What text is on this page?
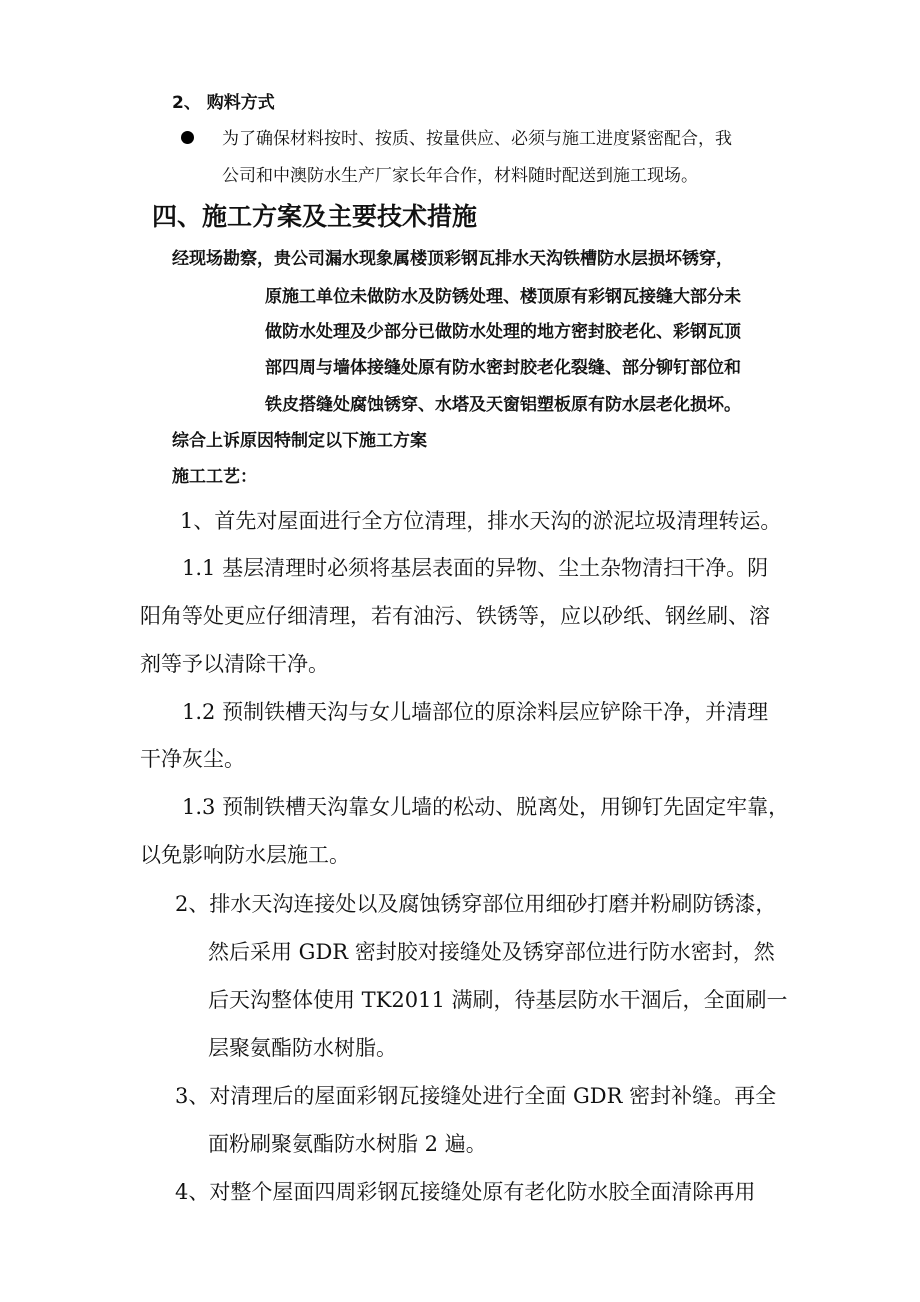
2、 购料方式

为了确保材料按时、按质、按量供应、必须与施工进度紧密配合，我

公司和中澳防水生产厂家长年合作，材料随时配送到施工现场。

四、施工方案及主要技术措施

经现场勘察，贵公司漏水现象属楼顶彩钢瓦排水天沟铁槽防水层损坏锈穿，

原施工单位未做防水及防锈处理、楼顶原有彩钢瓦接缝大部分未

做防水处理及少部分已做防水处理的地方密封胶老化、彩钢瓦顶

部四周与墙体接缝处原有防水密封胶老化裂缝、部分铆钉部位和

铁皮搭缝处腐蚀锈穿、水塔及天窗铝塑板原有防水层老化损坏。

综合上诉原因特制定以下施工方案

施工工艺：

1、首先对屋面进行全方位清理，排水天沟的淤泥垃圾清理转运。

1.1 基层清理时必须将基层表面的异物、尘土杂物清扫干净。阴

阳角等处更应仔细清理，若有油污、铁锈等，应以砂纸、钢丝刷、溶

剂等予以清除干净。

1.2 预制铁槽天沟与女儿墙部位的原涂料层应铲除干净，并清理

干净灰尘。

1.3 预制铁槽天沟靠女儿墙的松动、脱离处，用铆钉先固定牢靠，

以免影响防水层施工。

2、排水天沟连接处以及腐蚀锈穿部位用细砂打磨并粉刷防锈漆，

然后采用 GDR 密封胶对接缝处及锈穿部位进行防水密封，然

后天沟整体使用 TK2011 满刷，待基层防水干涸后，全面刷一

层聚氨酯防水树脂。

3、对清理后的屋面彩钢瓦接缝处进行全面 GDR 密封补缝。再全

面粉刷聚氨酯防水树脂 2 遍。

4、对整个屋面四周彩钢瓦接缝处原有老化防水胶全面清除再用
